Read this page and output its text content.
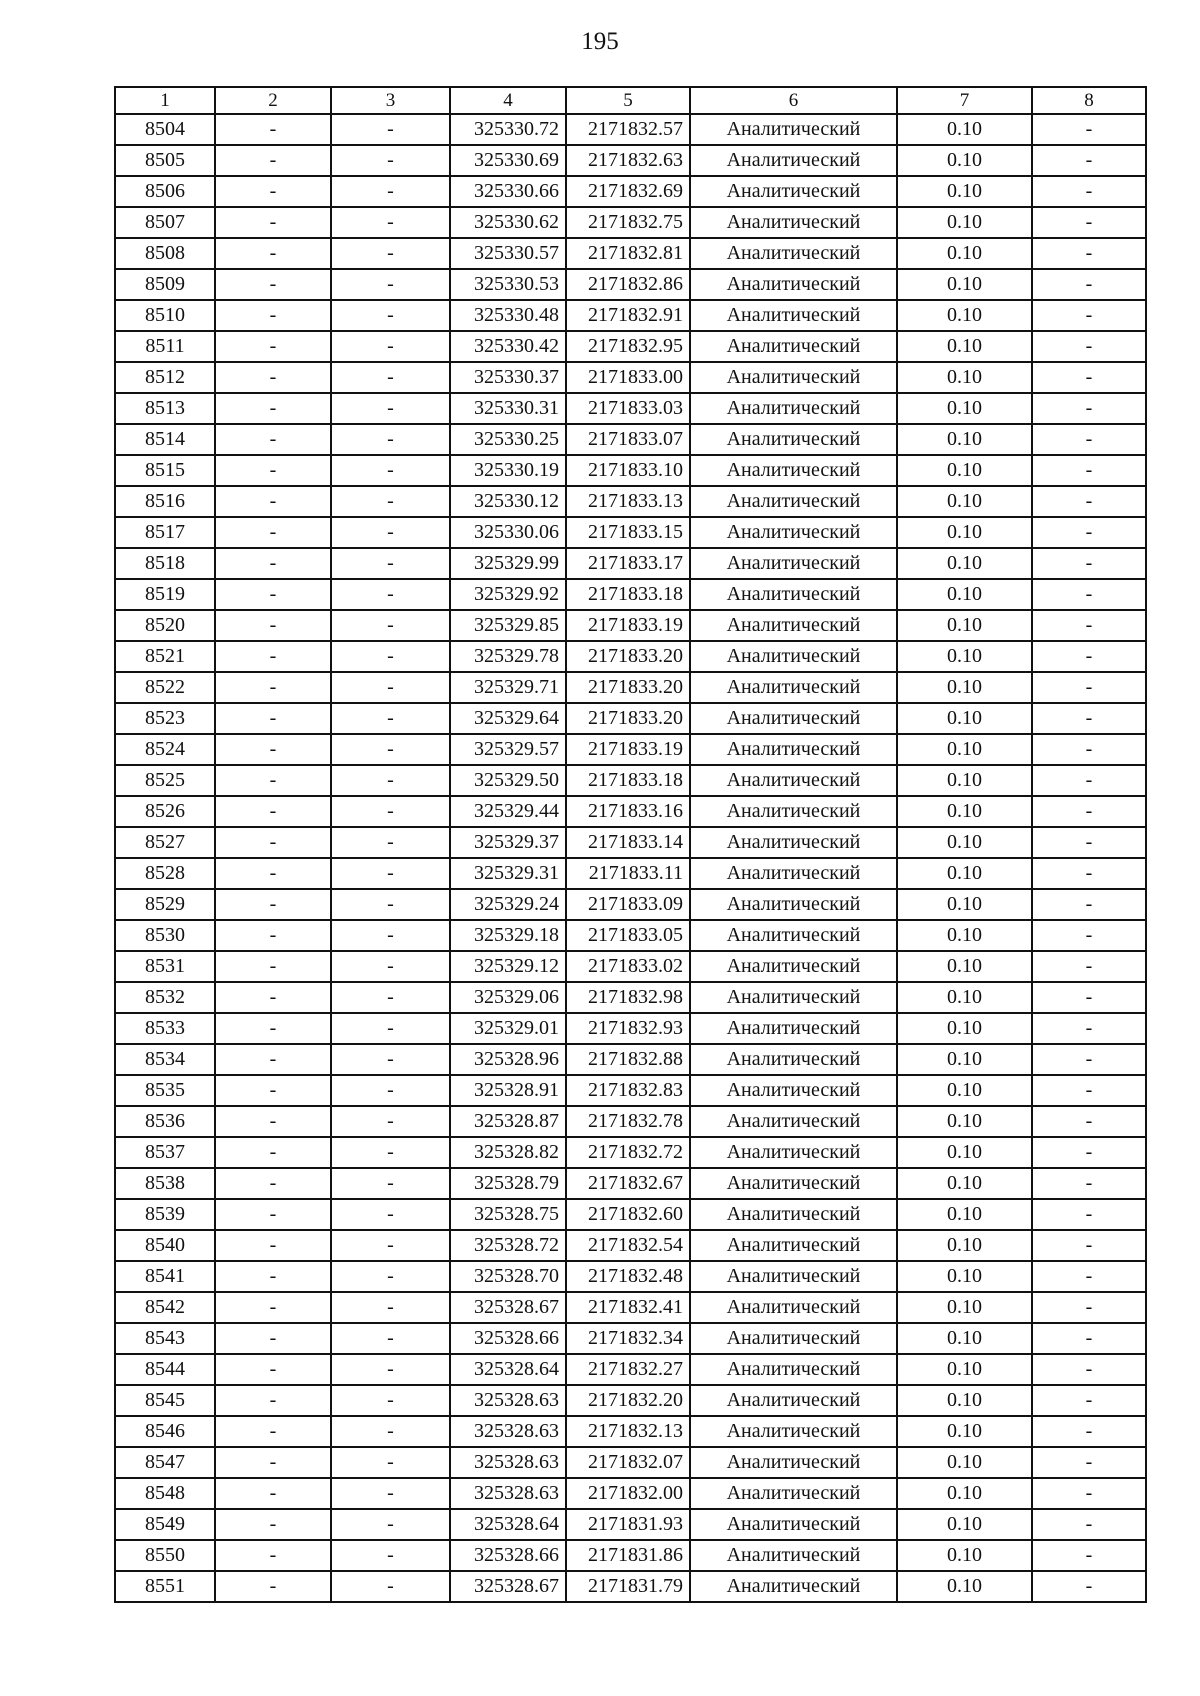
195
1	2	3	4	5	6	7	8
8504	-	-	325330.72	2171832.57	Аналитический	0.10	-
8505	-	-	325330.69	2171832.63	Аналитический	0.10	-
8506	-	-	325330.66	2171832.69	Аналитический	0.10	-
8507	-	-	325330.62	2171832.75	Аналитический	0.10	-
8508	-	-	325330.57	2171832.81	Аналитический	0.10	-
8509	-	-	325330.53	2171832.86	Аналитический	0.10	-
8510	-	-	325330.48	2171832.91	Аналитический	0.10	-
8511	-	-	325330.42	2171832.95	Аналитический	0.10	-
8512	-	-	325330.37	2171833.00	Аналитический	0.10	-
8513	-	-	325330.31	2171833.03	Аналитический	0.10	-
8514	-	-	325330.25	2171833.07	Аналитический	0.10	-
8515	-	-	325330.19	2171833.10	Аналитический	0.10	-
8516	-	-	325330.12	2171833.13	Аналитический	0.10	-
8517	-	-	325330.06	2171833.15	Аналитический	0.10	-
8518	-	-	325329.99	2171833.17	Аналитический	0.10	-
8519	-	-	325329.92	2171833.18	Аналитический	0.10	-
8520	-	-	325329.85	2171833.19	Аналитический	0.10	-
8521	-	-	325329.78	2171833.20	Аналитический	0.10	-
8522	-	-	325329.71	2171833.20	Аналитический	0.10	-
8523	-	-	325329.64	2171833.20	Аналитический	0.10	-
8524	-	-	325329.57	2171833.19	Аналитический	0.10	-
8525	-	-	325329.50	2171833.18	Аналитический	0.10	-
8526	-	-	325329.44	2171833.16	Аналитический	0.10	-
8527	-	-	325329.37	2171833.14	Аналитический	0.10	-
8528	-	-	325329.31	2171833.11	Аналитический	0.10	-
8529	-	-	325329.24	2171833.09	Аналитический	0.10	-
8530	-	-	325329.18	2171833.05	Аналитический	0.10	-
8531	-	-	325329.12	2171833.02	Аналитический	0.10	-
8532	-	-	325329.06	2171832.98	Аналитический	0.10	-
8533	-	-	325329.01	2171832.93	Аналитический	0.10	-
8534	-	-	325328.96	2171832.88	Аналитический	0.10	-
8535	-	-	325328.91	2171832.83	Аналитический	0.10	-
8536	-	-	325328.87	2171832.78	Аналитический	0.10	-
8537	-	-	325328.82	2171832.72	Аналитический	0.10	-
8538	-	-	325328.79	2171832.67	Аналитический	0.10	-
8539	-	-	325328.75	2171832.60	Аналитический	0.10	-
8540	-	-	325328.72	2171832.54	Аналитический	0.10	-
8541	-	-	325328.70	2171832.48	Аналитический	0.10	-
8542	-	-	325328.67	2171832.41	Аналитический	0.10	-
8543	-	-	325328.66	2171832.34	Аналитический	0.10	-
8544	-	-	325328.64	2171832.27	Аналитический	0.10	-
8545	-	-	325328.63	2171832.20	Аналитический	0.10	-
8546	-	-	325328.63	2171832.13	Аналитический	0.10	-
8547	-	-	325328.63	2171832.07	Аналитический	0.10	-
8548	-	-	325328.63	2171832.00	Аналитический	0.10	-
8549	-	-	325328.64	2171831.93	Аналитический	0.10	-
8550	-	-	325328.66	2171831.86	Аналитический	0.10	-
8551	-	-	325328.67	2171831.79	Аналитический	0.10	-
